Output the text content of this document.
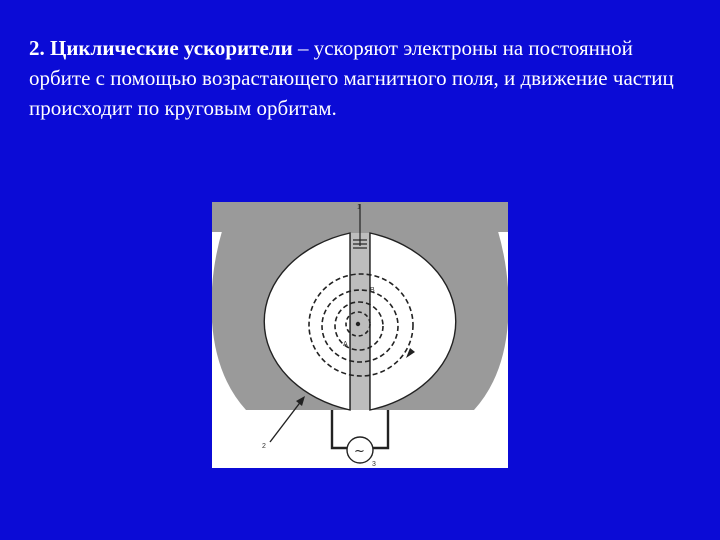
2. Циклические ускорители – ускоряют электроны на постоянной орбите с помощью возрастающего магнитного поля, и движение частиц происходит по круговым орбитам.
1
B
A
~
3
2
